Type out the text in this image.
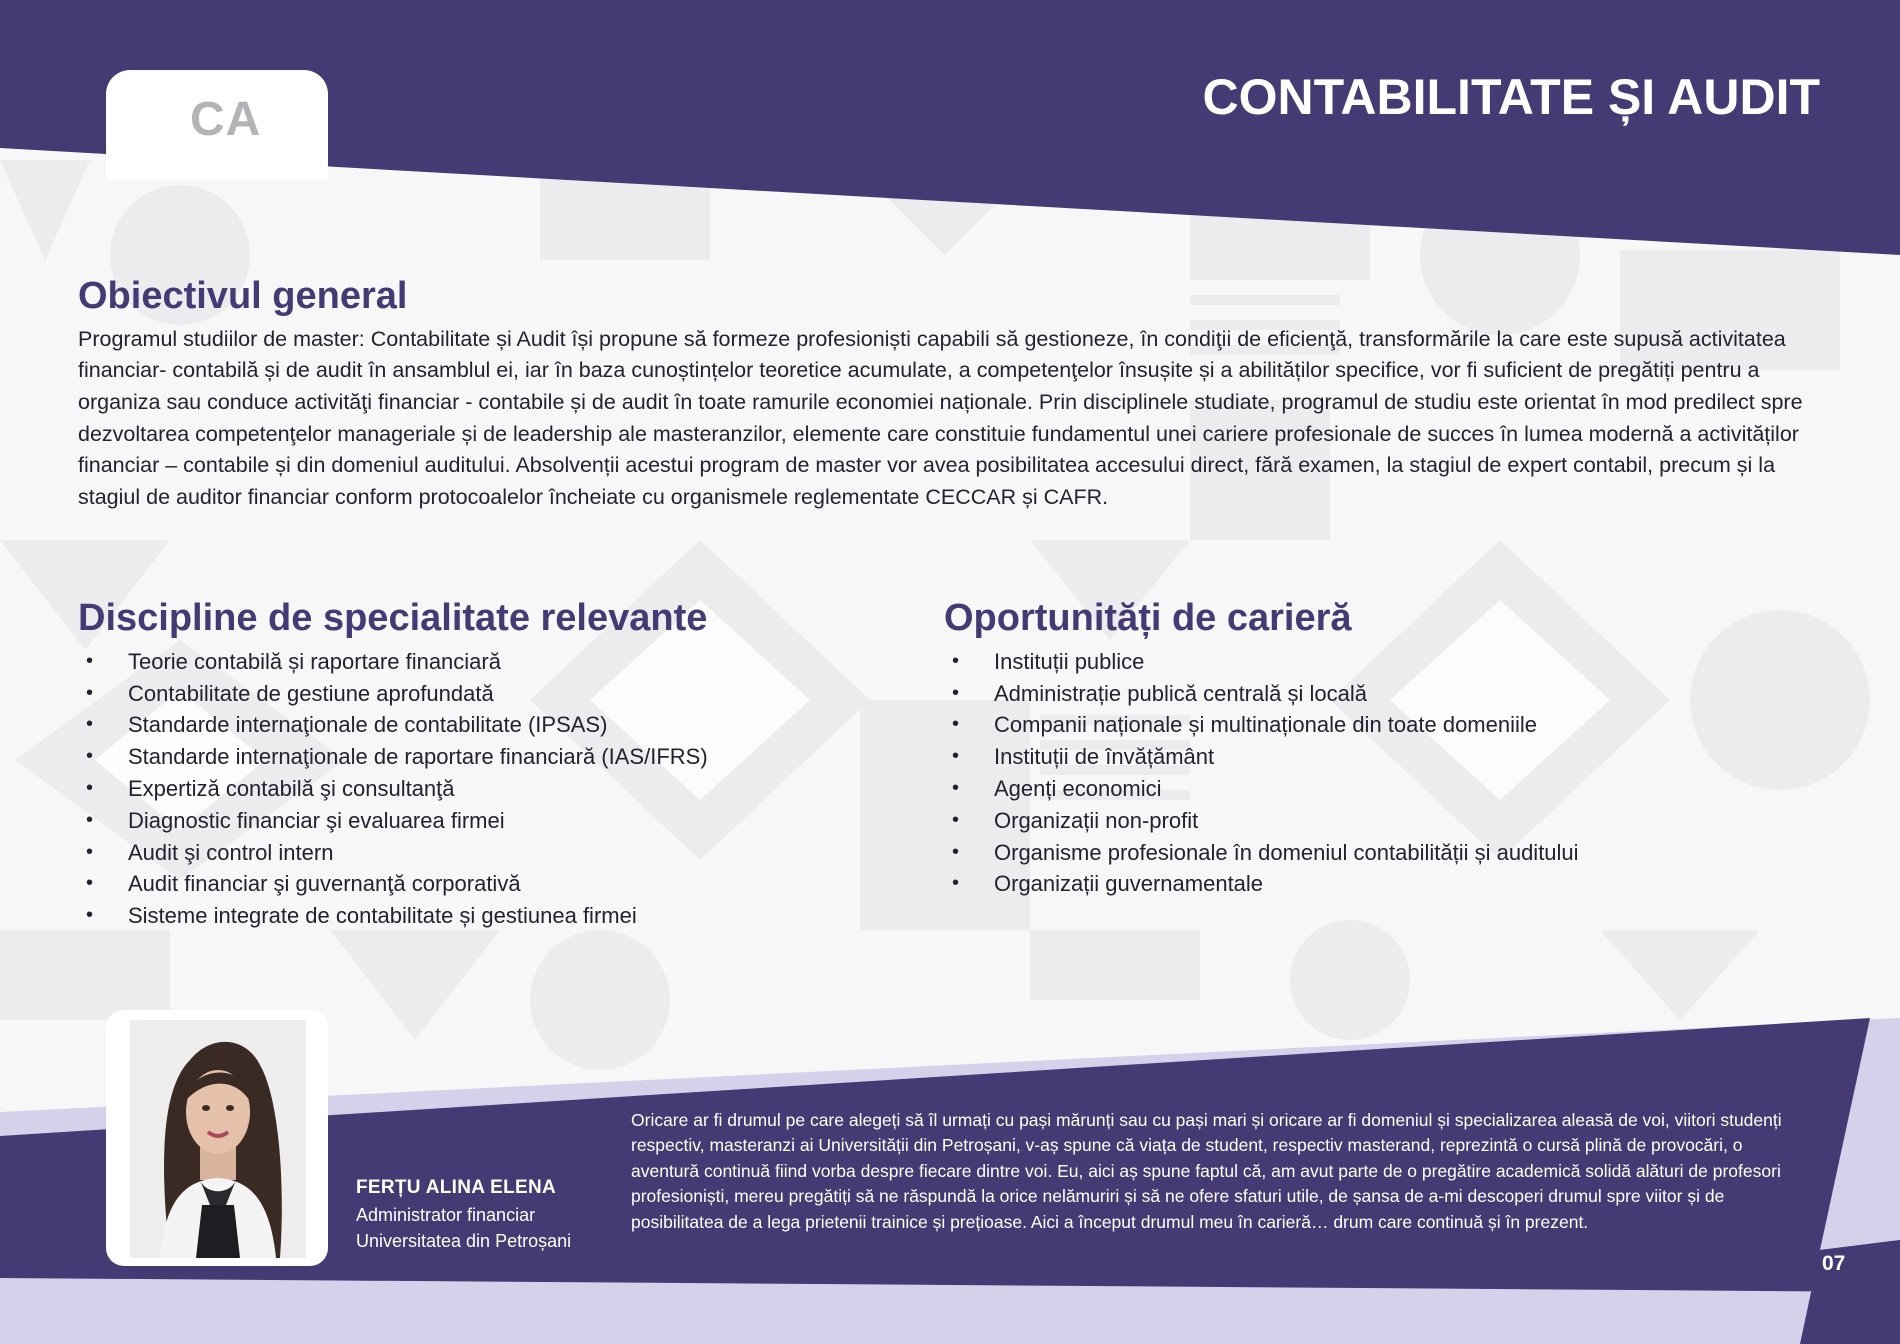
CA	CONTABILITATE ȘI AUDIT
Obiectivul general

Programul studiilor de master: Contabilitate și Audit își propune să formeze profesioniști capabili să gestioneze, în condiţii de eficienţă, transformările la care este supusă activitatea financiar- contabilă și de audit în ansamblul ei, iar în baza cunoștințelor teoretice acumulate, a competenţelor însușite și a abilităților specifice, vor fi suficient de pregătiți pentru a organiza sau conduce activităţi financiar - contabile și de audit în toate ramurile economiei naționale. Prin disciplinele studiate, programul de studiu este orientat în mod predilect spre dezvoltarea competenţelor manageriale și de leadership ale masteranzilor, elemente care constituie fundamentul unei cariere profesionale de succes în lumea modernă a activităților financiar – contabile și din domeniul auditului. Absolvenții acestui program de master vor avea posibilitatea accesului direct, fără examen, la stagiul de expert contabil, precum și la stagiul de auditor financiar conform protocoalelor încheiate cu organismele reglementate CECCAR și CAFR.

Discipline de specialitate relevante
• Teorie contabilă și raportare financiară
• Contabilitate de gestiune aprofundată
• Standarde internaţionale de contabilitate (IPSAS)
• Standarde internaţionale de raportare financiară (IAS/IFRS)
• Expertiză contabilă şi consultanţă
• Diagnostic financiar şi evaluarea firmei
• Audit şi control intern
• Audit financiar şi guvernanţă corporativă
• Sisteme integrate de contabilitate și gestiunea firmei
Oportunități de carieră
• Instituții publice
• Administrație publică centrală și locală
• Companii naționale și multinaționale din toate domeniile
• Instituții de învățământ
• Agenți economici
• Organizații non-profit
• Organisme profesionale în domeniul contabilității și auditului
• Organizații guvernamentale
FERȚU ALINA ELENA
Administrator financiar
Universitatea din Petroșani

Oricare ar fi drumul pe care alegeți să îl urmați cu pași mărunți sau cu pași mari și oricare ar fi domeniul și specializarea aleasă de voi, viitori studenți respectiv, masteranzi ai Universității din Petroșani, v-aș spune că viața de student, respectiv masterand, reprezintă o cursă plină de provocări, o aventură continuă fiind vorba despre fiecare dintre voi. Eu, aici aș spune faptul că, am avut parte de o pregătire academică solidă alături de profesori profesioniști, mereu pregătiți să ne răspundă la orice nelămuriri și să ne ofere sfaturi utile, de șansa de a-mi descoperi drumul spre viitor și de posibilitatea de a lega prietenii trainice și prețioase. Aici a început drumul meu în carieră… drum care continuă și în prezent.

07
